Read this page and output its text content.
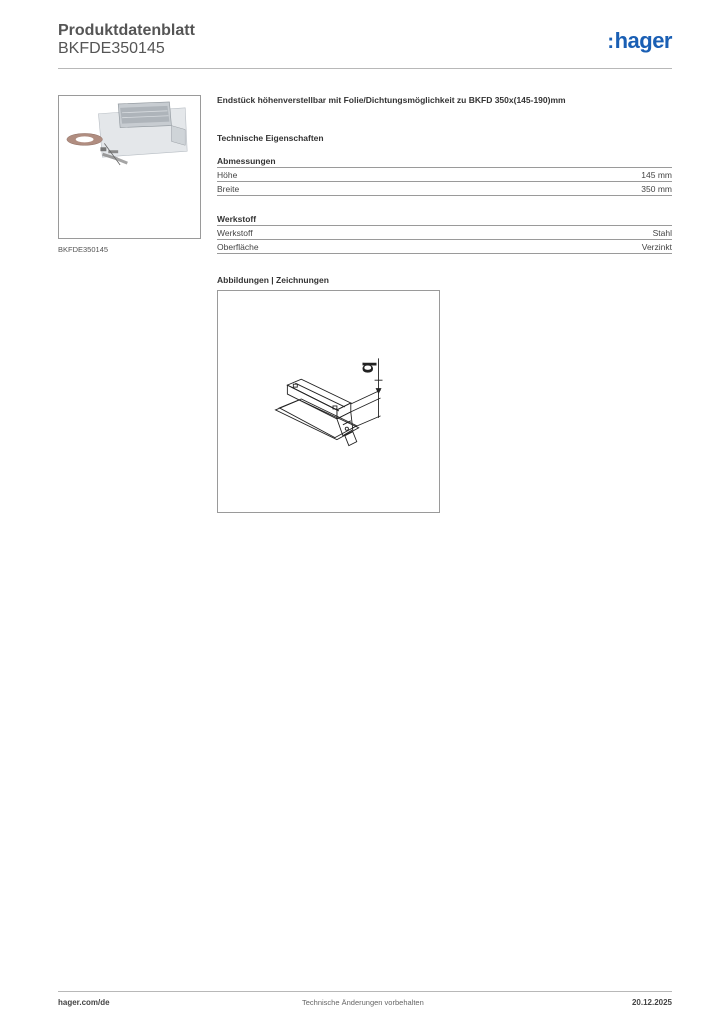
Produktdatenblatt
BKFDE350145	:hager
BKFDE350145
Endstück höhenverstellbar mit Folie/Dichtungsmöglichkeit zu BKFD 350x(145-190)mm
Technische Eigenschaften
Abmessungen
Höhe	145 mm
Breite	350 mm
Werkstoff
Werkstoff	Stahl
Oberfläche	Verzinkt
Abbildungen | Zeichnungen
b
hager.com/de	Technische Änderungen vorbehalten	20.12.2025
